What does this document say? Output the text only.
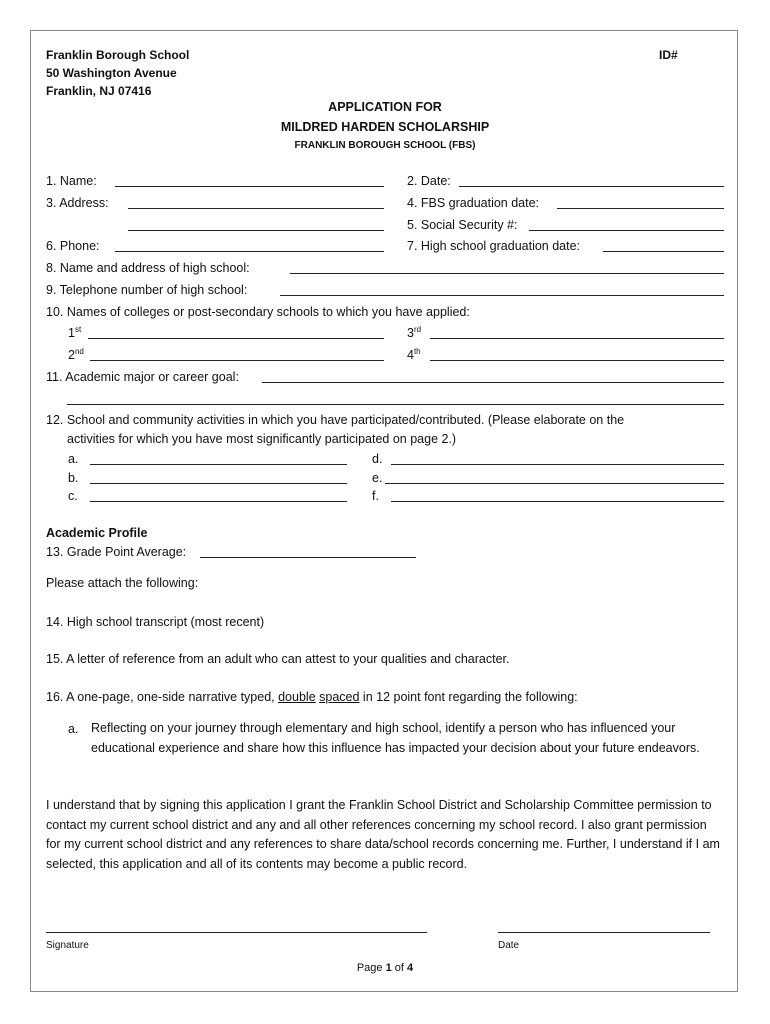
Franklin Borough School
50 Washington Avenue
Franklin, NJ 07416
ID#
APPLICATION FOR
MILDRED HARDEN SCHOLARSHIP
FRANKLIN BOROUGH SCHOOL (FBS)
1. Name:	2. Date:
3. Address:	4. FBS graduation date:
5. Social Security #:
6. Phone:	7. High school graduation date:
8. Name and address of high school:
9. Telephone number of high school:
10. Names of colleges or post-secondary schools to which you have applied:
1st	3rd
2nd	4th
11. Academic major or career goal:
12. School and community activities in which you have participated/contributed. (Please elaborate on the
activities for which you have most significantly participated on page 2.)
a.	d.
b.	e.
c.	f.
Academic Profile
13. Grade Point Average:
Please attach the following:
14. High school transcript (most recent)
15. A letter of reference from an adult who can attest to your qualities and character.
16. A one-page, one-side narrative typed, double spaced in 12 point font regarding the following:
a. Reflecting on your journey through elementary and high school, identify a person who has influenced your educational experience and share how this influence has impacted your decision about your future endeavors.
I understand that by signing this application I grant the Franklin School District and Scholarship Committee permission to contact my current school district and any and all other references concerning my school record. I also grant permission for my current school district and any references to share data/school records concerning me. Further, I understand if I am selected, this application and all of its contents may become a public record.
Signature	Date
Page 1 of 4
